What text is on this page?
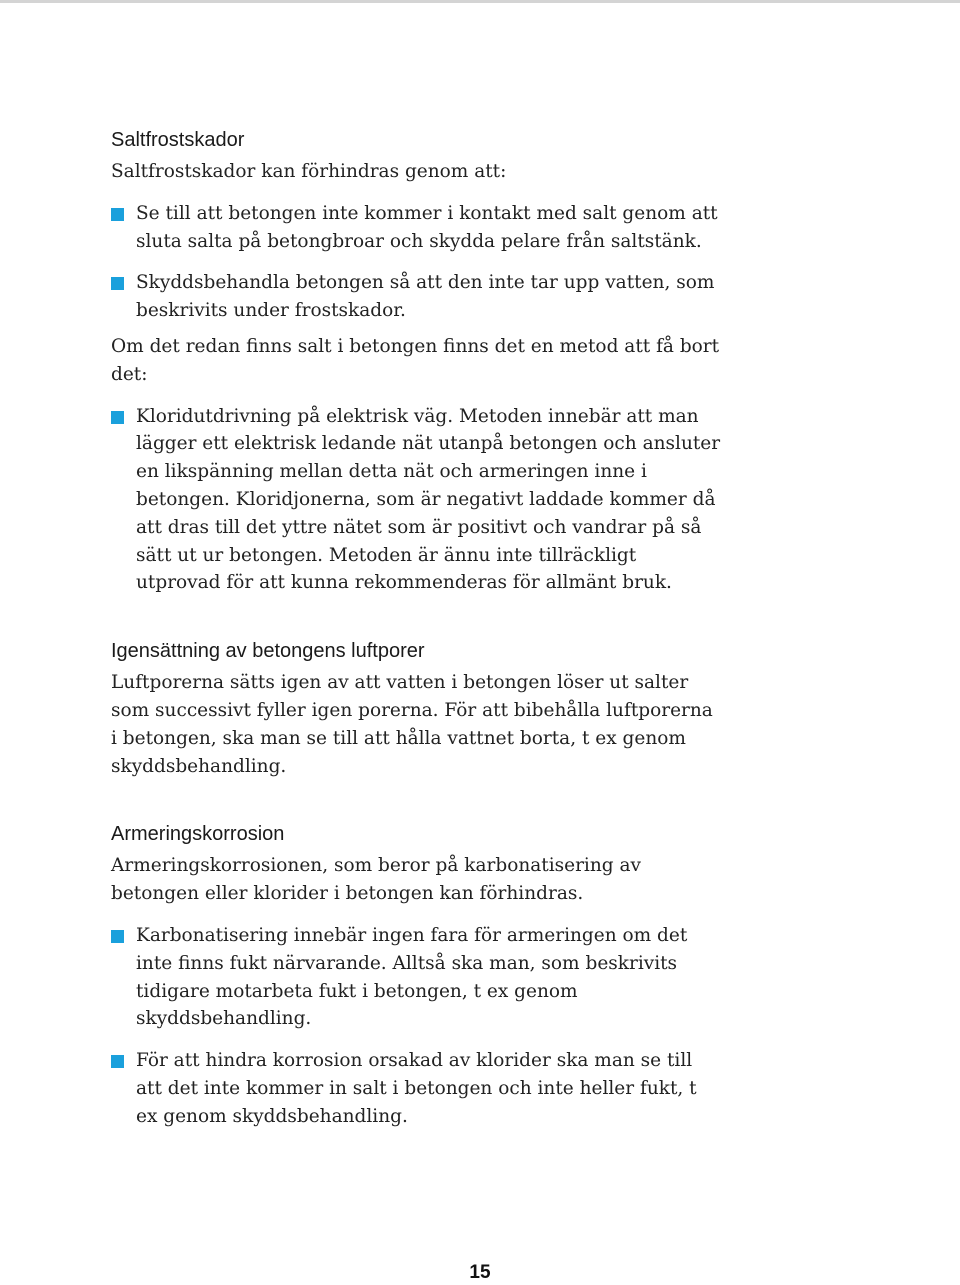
Saltfrostskador

Saltfrostskador kan förhindras genom att:

Se till att betongen inte kommer i kontakt med salt genom att sluta salta på betongbroar och skydda pelare från saltstänk.
Skyddsbehandla betongen så att den inte tar upp vatten, som beskrivits under frostskador.

Om det redan finns salt i betongen finns det en metod att få bort det:

Kloridutdrivning på elektrisk väg. Metoden innebär att man lägger ett elektrisk ledande nät utanpå betongen och ansluter en likspänning mellan detta nät och armeringen inne i betongen. Kloridjonerna, som är negativt laddade kommer då att dras till det yttre nätet som är positivt och vandrar på så sätt ut ur betongen. Metoden är ännu inte tillräckligt utprovad för att kunna rekommenderas för allmänt bruk.
Igensättning av betongens luftporer

Luftporerna sätts igen av att vatten i betongen löser ut salter som successivt fyller igen porerna. För att bibehålla luftporerna i betongen, ska man se till att hålla vattnet borta, t ex genom skyddsbehandling.

Armeringskorrosion

Armeringskorrosionen, som beror på karbonatisering av betongen eller klorider i betongen kan förhindras.

Karbonatisering innebär ingen fara för armeringen om det inte finns fukt närvarande. Alltså ska man, som beskrivits tidigare motarbeta fukt i betongen, t ex genom skyddsbehandling.
För att hindra korrosion orsakad av klorider ska man se till att det inte kommer in salt i betongen och inte heller fukt, t ex genom skyddsbehandling.
15
